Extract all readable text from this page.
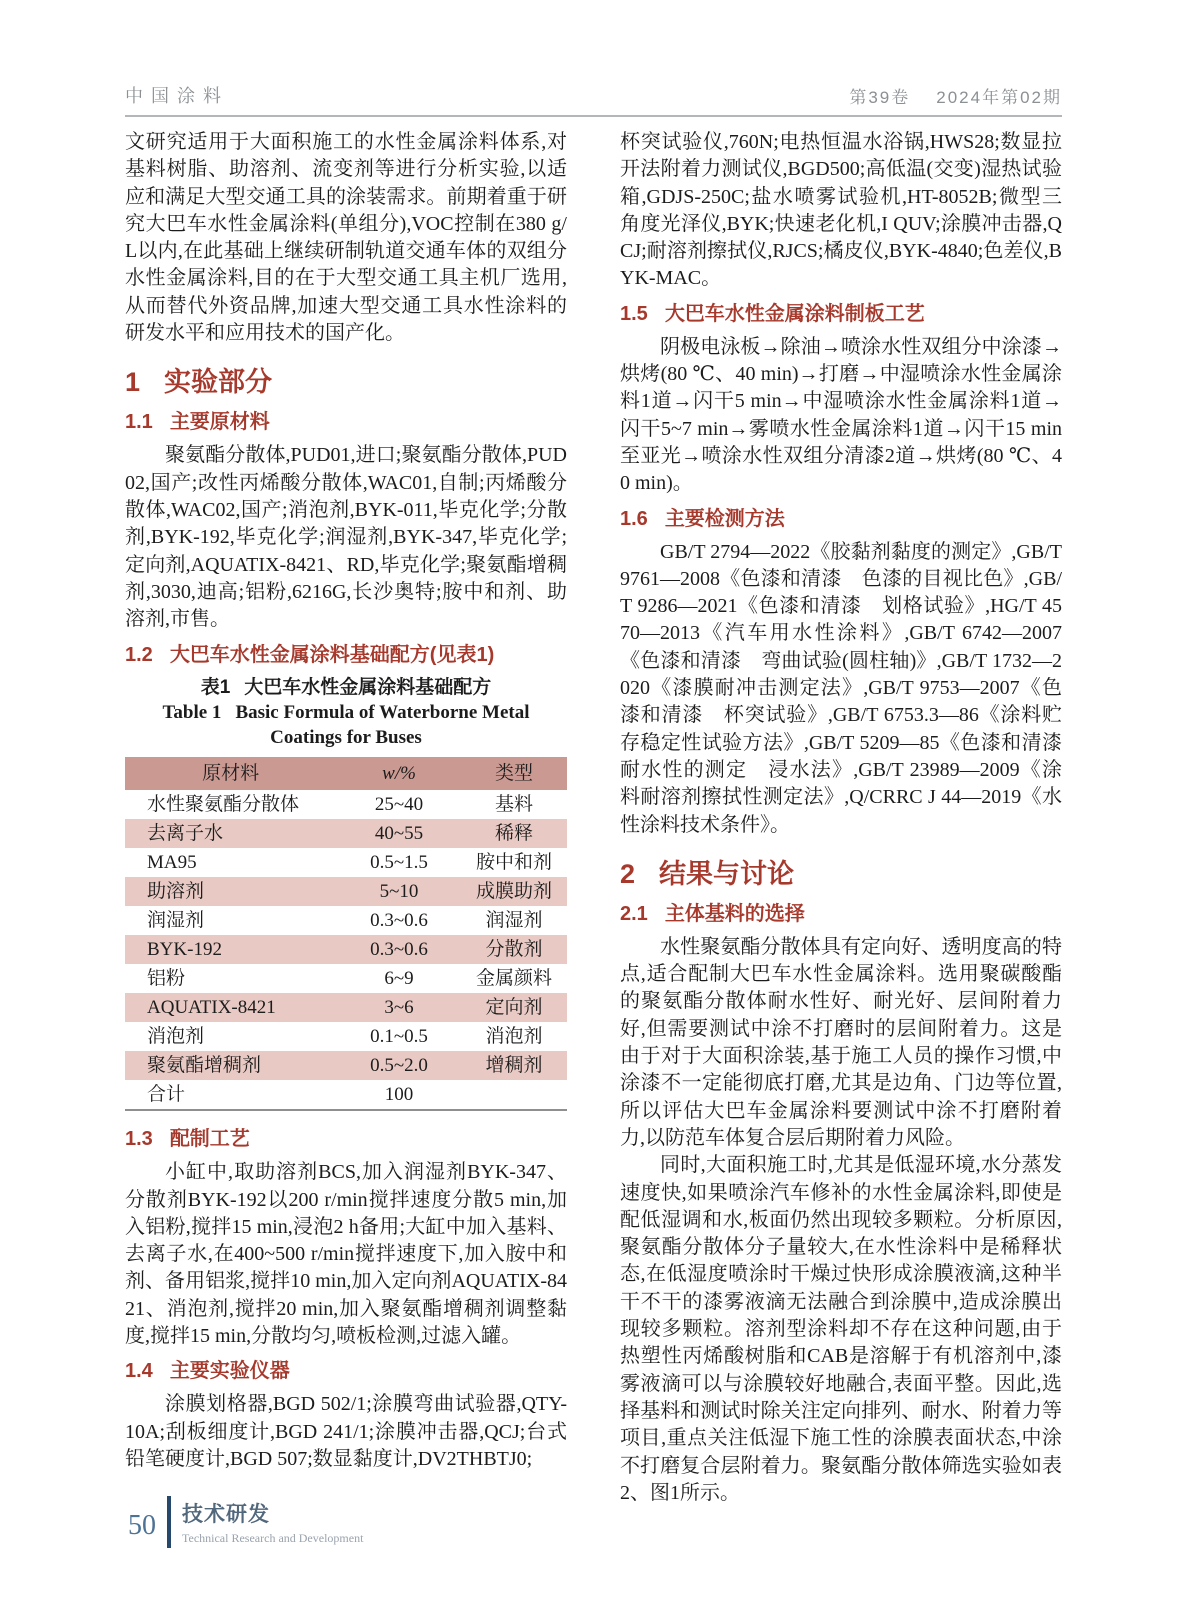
中国涂料	第39卷 2024年第02期

文研究适用于大面积施工的水性金属涂料体系,对基料树脂、助溶剂、流变剂等进行分析实验,以适应和满足大型交通工具的涂装需求。前期着重于研究大巴车水性金属涂料(单组分),VOC控制在380 g/L以内,在此基础上继续研制轨道交通车体的双组分水性金属涂料,目的在于大型交通工具主机厂选用,从而替代外资品牌,加速大型交通工具水性涂料的研发水平和应用技术的国产化。

1 实验部分
1.1 主要原材料

聚氨酯分散体,PUD01,进口;聚氨酯分散体,PUD02,国产;改性丙烯酸分散体,WAC01,自制;丙烯酸分散体,WAC02,国产;消泡剂,BYK-011,毕克化学;分散剂,BYK-192,毕克化学;润湿剂,BYK-347,毕克化学;定向剂,AQUATIX-8421、RD,毕克化学;聚氨酯增稠剂,3030,迪高;铝粉,6216G,长沙奥特;胺中和剂、助溶剂,市售。

1.2 大巴车水性金属涂料基础配方(见表1)
表1 大巴车水性金属涂料基础配方
Table 1 Basic Formula of Waterborne Metal
Coatings for Buses
原材料	w/%	类型
水性聚氨酯分散体	25~40	基料
去离子水	40~55	稀释
MA95	0.5~1.5	胺中和剂
助溶剂	5~10	成膜助剂
润湿剂	0.3~0.6	润湿剂
BYK-192	0.3~0.6	分散剂
铝粉	6~9	金属颜料
AQUATIX-8421	3~6	定向剂
消泡剂	0.1~0.5	消泡剂
聚氨酯增稠剂	0.5~2.0	增稠剂
合计	100	
1.3 配制工艺

小缸中,取助溶剂BCS,加入润湿剂BYK-347、分散剂BYK-192以200 r/min搅拌速度分散5 min,加入铝粉,搅拌15 min,浸泡2 h备用;大缸中加入基料、去离子水,在400~500 r/min搅拌速度下,加入胺中和剂、备用铝浆,搅拌10 min,加入定向剂AQUATIX-8421、消泡剂,搅拌20 min,加入聚氨酯增稠剂调整黏度,搅拌15 min,分散均匀,喷板检测,过滤入罐。

1.4 主要实验仪器

涂膜划格器,BGD 502/1;涂膜弯曲试验器,QTY-10A;刮板细度计,BGD 241/1;涂膜冲击器,QCJ;台式铅笔硬度计,BGD 507;数显黏度计,DV2THBTJ0;

杯突试验仪,760N;电热恒温水浴锅,HWS28;数显拉开法附着力测试仪,BGD500;高低温(交变)湿热试验箱,GDJS-250C;盐水喷雾试验机,HT-8052B;微型三角度光泽仪,BYK;快速老化机,I QUV;涂膜冲击器,QCJ;耐溶剂擦拭仪,RJCS;橘皮仪,BYK-4840;色差仪,BYK-MAC。

1.5 大巴车水性金属涂料制板工艺

阴极电泳板→除油→喷涂水性双组分中涂漆→烘烤(80 ℃、40 min)→打磨→中湿喷涂水性金属涂料1道→闪干5 min→中湿喷涂水性金属涂料1道→闪干5~7 min→雾喷水性金属涂料1道→闪干15 min至亚光→喷涂水性双组分清漆2道→烘烤(80 ℃、40 min)。

1.6 主要检测方法

GB/T 2794—2022《胶黏剂黏度的测定》,GB/T 9761—2008《色漆和清漆　色漆的目视比色》,GB/T 9286—2021《色漆和清漆　划格试验》,HG/T 4570—2013《汽车用水性涂料》,GB/T 6742—2007《色漆和清漆　弯曲试验(圆柱轴)》,GB/T 1732—2020《漆膜耐冲击测定法》,GB/T 9753—2007《色漆和清漆　杯突试验》,GB/T 6753.3—86《涂料贮存稳定性试验方法》,GB/T 5209—85《色漆和清漆　耐水性的测定　浸水法》,GB/T 23989—2009《涂料耐溶剂擦拭性测定法》,Q/CRRC J 44—2019《水性涂料技术条件》。

2 结果与讨论
2.1 主体基料的选择

水性聚氨酯分散体具有定向好、透明度高的特点,适合配制大巴车水性金属涂料。选用聚碳酸酯的聚氨酯分散体耐水性好、耐光好、层间附着力好,但需要测试中涂不打磨时的层间附着力。这是由于对于大面积涂装,基于施工人员的操作习惯,中涂漆不一定能彻底打磨,尤其是边角、门边等位置,所以评估大巴车金属涂料要测试中涂不打磨附着力,以防范车体复合层后期附着力风险。

同时,大面积施工时,尤其是低湿环境,水分蒸发速度快,如果喷涂汽车修补的水性金属涂料,即使是配低湿调和水,板面仍然出现较多颗粒。分析原因,聚氨酯分散体分子量较大,在水性涂料中是稀释状态,在低湿度喷涂时干燥过快形成涂膜液滴,这种半干不干的漆雾液滴无法融合到涂膜中,造成涂膜出现较多颗粒。溶剂型涂料却不存在这种问题,由于热塑性丙烯酸树脂和CAB是溶解于有机溶剂中,漆雾液滴可以与涂膜较好地融合,表面平整。因此,选择基料和测试时除关注定向排列、耐水、附着力等项目,重点关注低湿下施工性的涂膜表面状态,中涂不打磨复合层附着力。聚氨酯分散体筛选实验如表2、图1所示。

50 技术研发
Technical Research and Development
